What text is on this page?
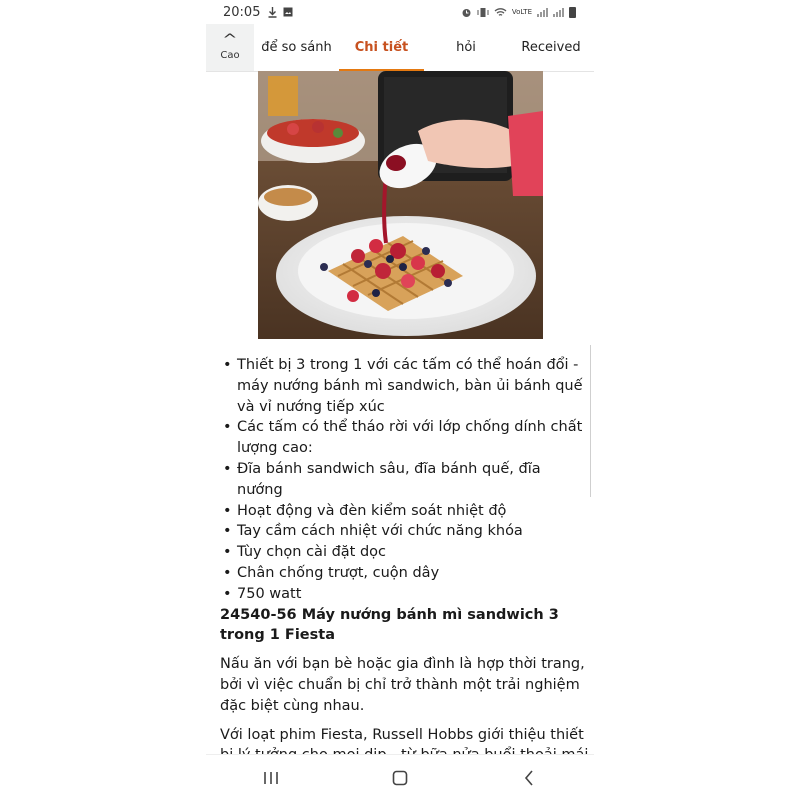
20:05	VoLTE
^
Cao
để so sánh	Chi tiết	hỏi	Received
• Thiết bị 3 trong 1 với các tấm có thể hoán đổi - máy nướng bánh mì sandwich, bàn ủi bánh quế và vỉ nướng tiếp xúc
• Các tấm có thể tháo rời với lớp chống dính chất lượng cao:
• Đĩa bánh sandwich sâu, đĩa bánh quế, đĩa nướng
• Hoạt động và đèn kiểm soát nhiệt độ
• Tay cầm cách nhiệt với chức năng khóa
• Tùy chọn cài đặt dọc
• Chân chống trượt, cuộn dây
• 750 watt

24540-56 Máy nướng bánh mì sandwich 3 trong 1 Fiesta

Nấu ăn với bạn bè hoặc gia đình là hợp thời trang, bởi vì việc chuẩn bị chỉ trở thành một trải nghiệm đặc biệt cùng nhau.

Với loạt phim Fiesta, Russell Hobbs giới thiệu thiết
